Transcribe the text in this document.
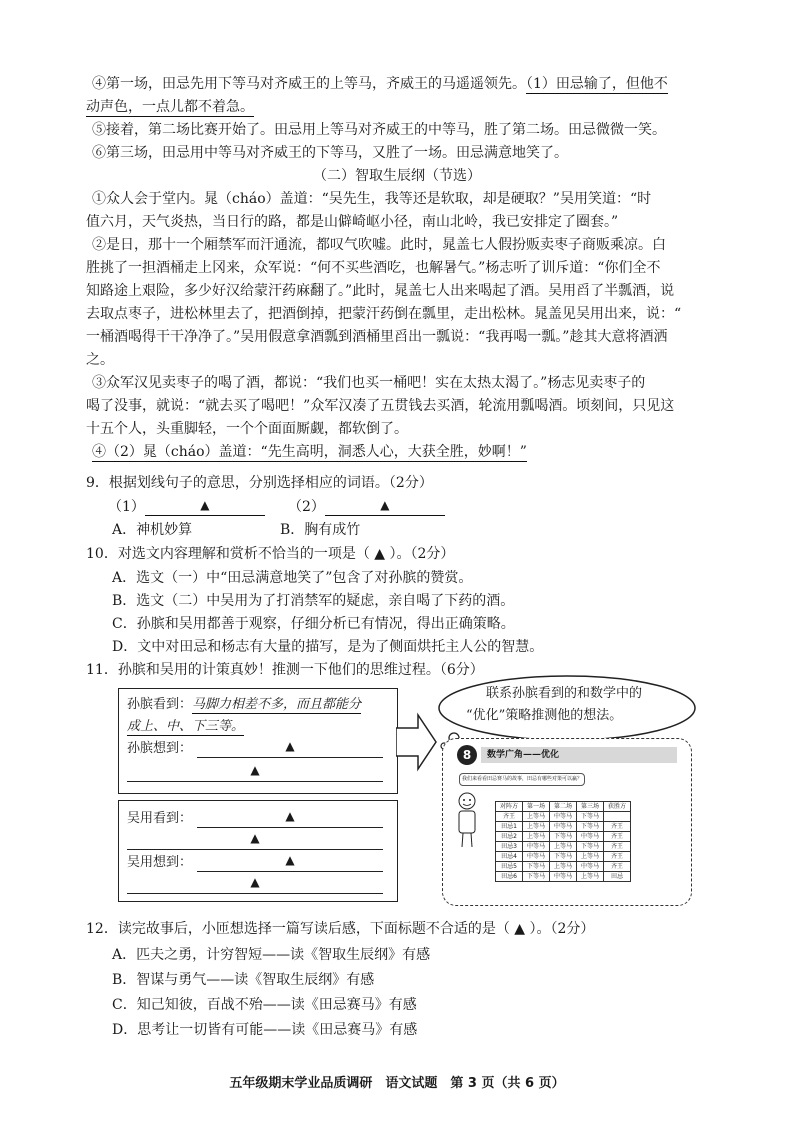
④第一场，田忌先用下等马对齐威王的上等马，齐威王的马遥遥领先。（1）田忌输了，但他不
动声色，一点儿都不着急。
⑤接着，第二场比赛开始了。田忌用上等马对齐威王的中等马，胜了第二场。田忌微微一笑。
⑥第三场，田忌用中等马对齐威王的下等马，又胜了一场。田忌满意地笑了。
（二）智取生辰纲（节选）
①众人会于堂内。晁（cháo）盖道：“吴先生，我等还是软取，却是硬取？”吴用笑道：“时
值六月，天气炎热，当日行的路，都是山僻崎岖小径，南山北岭，我已安排定了圈套。”
②是日，那十一个厢禁军而汗通流，都叹气吹嘘。此时，晁盖七人假扮贩卖枣子商贩乘凉。白
胜挑了一担酒桶走上冈来，众军说：“何不买些酒吃，也解暑气。”杨志听了训斥道：“你们全不
知路途上艰险，多少好汉给蒙汗药麻翻了。”此时，晁盖七人出来喝起了酒。吴用舀了半瓢酒，说
去取点枣子，进松林里去了，把酒倒掉，把蒙汗药倒在瓢里，走出松林。晁盖见吴用出来，说：“
一桶酒喝得干干净净了。”吴用假意拿酒瓢到酒桶里舀出一瓢说：“我再喝一瓢。”趁其大意将酒洒
之。
③众军汉见卖枣子的喝了酒，都说：“我们也买一桶吧！实在太热太渴了。”杨志见卖枣子的
喝了没事，就说：“就去买了喝吧！”众军汉凑了五贯钱去买酒，轮流用瓢喝酒。顷刻间，只见这
十五个人，头重脚轻，一个个面面厮觑，都软倒了。
④（2）晁（cháo）盖道：“先生高明，洞悉人心，大获全胜，妙啊！”
9．根据划线句子的意思，分别选择相应的词语。（2分）
（1）	▲	（2）	▲
A．神机妙算	B．胸有成竹
10．对选文内容理解和赏析不恰当的一项是（ ▲ ）。（2分）
A．选文（一）中“田忌满意地笑了”包含了对孙膑的赞赏。
B．选文（二）中吴用为了打消禁军的疑虑，亲自喝了下药的酒。
C．孙膑和吴用都善于观察，仔细分析已有情况，得出正确策略。
D．文中对田忌和杨志有大量的描写，是为了侧面烘托主人公的智慧。
11．孙膑和吴用的计策真妙！推测一下他们的思维过程。（6分）
孙膑看到：马脚力相差不多，而且都能分
成上、中、下三等。
孙膑想到：	▲
▲
吴用看到：	▲
▲
吴用想到：	▲
▲
联系孙膑看到的和数学中的
“优化”策略推测他的想法。
8	数学广角——优化
我们来看看田忌赛马的故事，田忌有哪些对策可以赢？
对阵方	第一场	第二场	第三场	获胜方
齐王	上等马	中等马	下等马	
田忌1	上等马	中等马	下等马	齐王
田忌2	上等马	下等马	中等马	齐王
田忌3	中等马	上等马	下等马	齐王
田忌4	中等马	下等马	上等马	齐王
田忌5	下等马	上等马	中等马	齐王
田忌6	下等马	中等马	上等马	田忌
12．读完故事后，小匝想选择一篇写读后感，下面标题不合适的是（ ▲ ）。（2分）
A．匹夫之勇，计穷智短——读《智取生辰纲》有感
B．智谋与勇气——读《智取生辰纲》有感
C．知己知彼，百战不殆——读《田忌赛马》有感
D．思考让一切皆有可能——读《田忌赛马》有感
五年级期末学业品质调研　语文试题　 第 3 页（共 6 页）
